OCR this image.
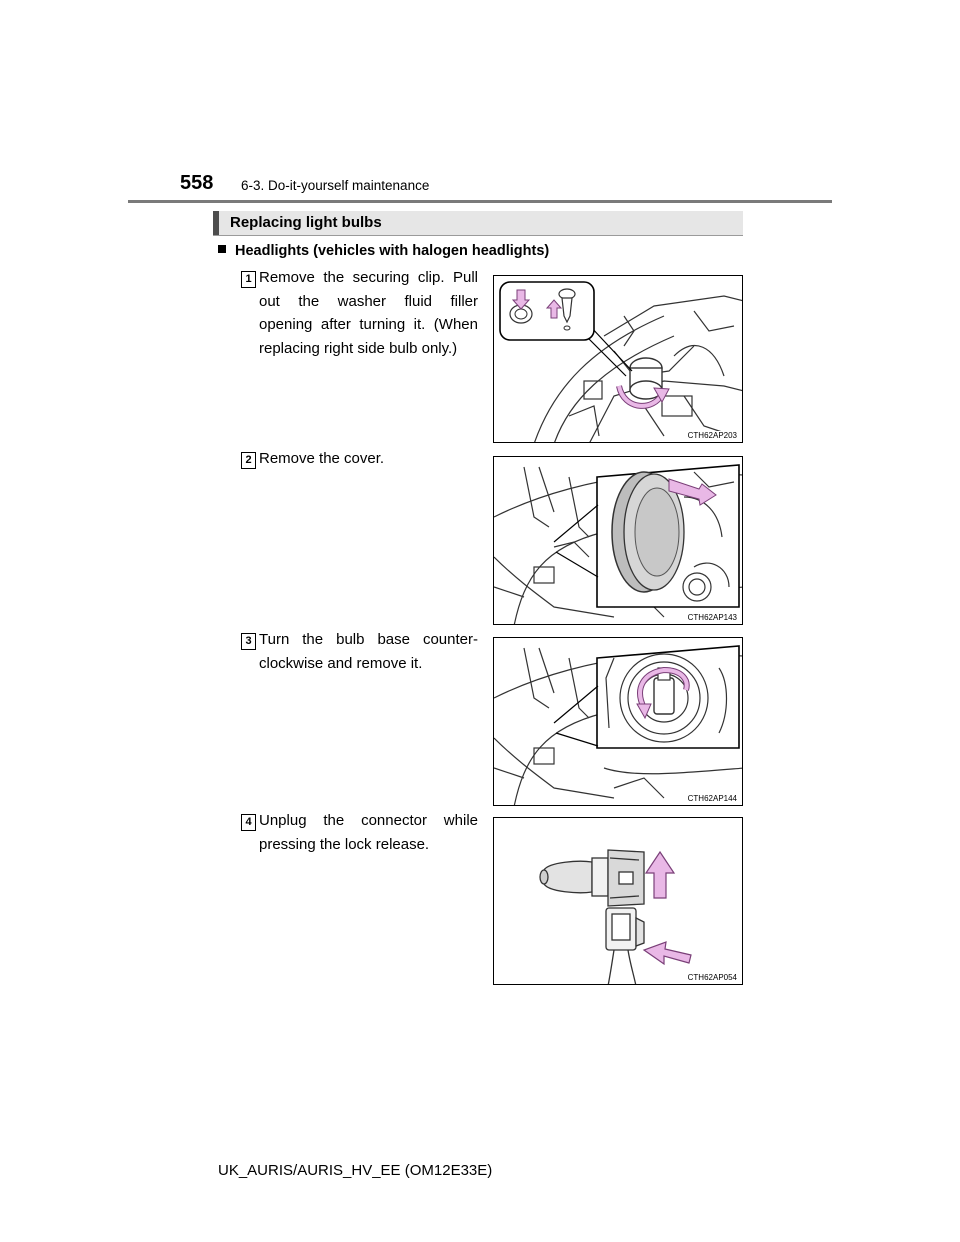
558 6-3. Do-it-yourself maintenance
Replacing light bulbs
Headlights (vehicles with halogen headlights)
1 Remove the securing clip. Pull out the washer fluid filler opening after turning it. (When replacing right side bulb only.)
CTH62AP203
2 Remove the cover.
CTH62AP143
3 Turn the bulb base counter-clockwise and remove it.
CTH62AP144
4 Unplug the connector while pressing the lock release.
CTH62AP054
UK_AURIS/AURIS_HV_EE (OM12E33E)
